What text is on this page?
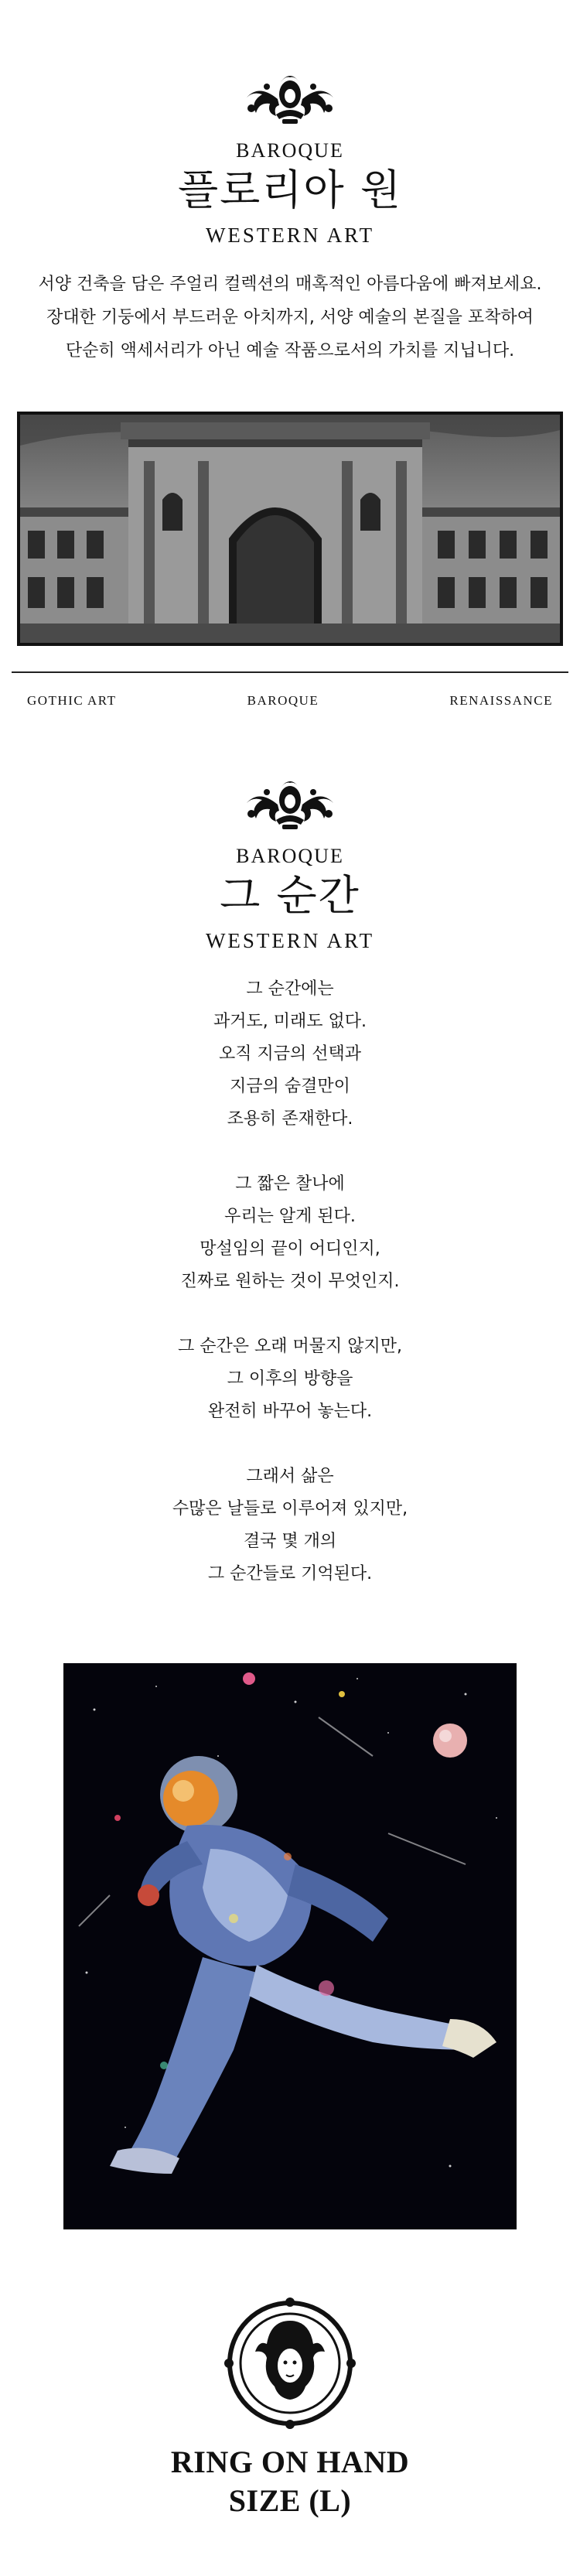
BAROQUE
플로리아 원
WESTERN ART
서양 건축을 담은 주얼리 컬렉션의 매혹적인 아름다움에 빠져보세요.
장대한 기둥에서 부드러운 아치까지, 서양 예술의 본질을 포착하여
단순히 액세서리가 아닌 예술 작품으로서의 가치를 지닙니다.
GOTHIC ART	BAROQUE	RENAISSANCE
BAROQUE
그 순간
WESTERN ART

그 순간에는
과거도, 미래도 없다.
오직 지금의 선택과
지금의 숨결만이
조용히 존재한다.

그 짧은 찰나에
우리는 알게 된다.
망설임의 끝이 어디인지,
진짜로 원하는 것이 무엇인지.

그 순간은 오래 머물지 않지만,
그 이후의 방향을
완전히 바꾸어 놓는다.

그래서 삶은
수많은 날들로 이루어져 있지만,
결국 몇 개의
그 순간들로 기억된다.

RING ON HAND
SIZE (L)
